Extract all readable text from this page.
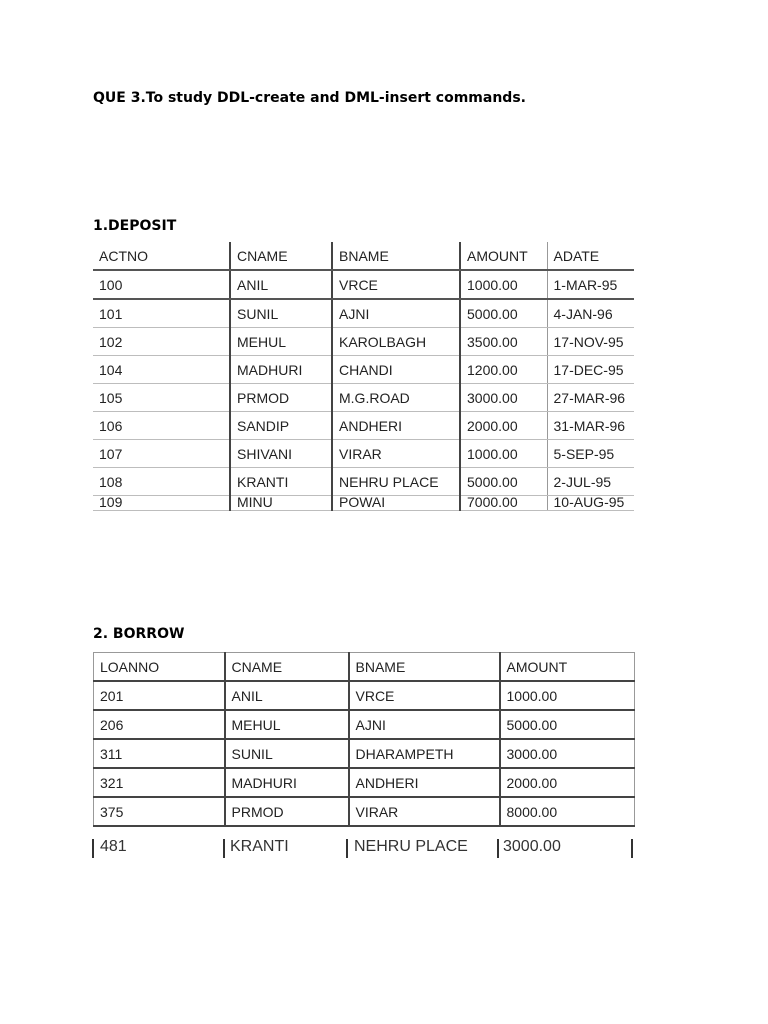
QUE 3.To study DDL-create and DML-insert commands.
1.DEPOSIT
ACTNO	CNAME	BNAME	AMOUNT	ADATE
100	ANIL	VRCE	1000.00	1-MAR-95
101	SUNIL	AJNI	5000.00	4-JAN-96
102	MEHUL	KAROLBAGH	3500.00	17-NOV-95
104	MADHURI	CHANDI	1200.00	17-DEC-95
105	PRMOD	M.G.ROAD	3000.00	27-MAR-96
106	SANDIP	ANDHERI	2000.00	31-MAR-96
107	SHIVANI	VIRAR	1000.00	5-SEP-95
108	KRANTI	NEHRU PLACE	5000.00	2-JUL-95
109	MINU	POWAI	7000.00	10-AUG-95
2. BORROW
LOANNO	CNAME	BNAME	AMOUNT
201	ANIL	VRCE	1000.00
206	MEHUL	AJNI	5000.00
311	SUNIL	DHARAMPETH	3000.00
321	MADHURI	ANDHERI	2000.00
375	PRMOD	VIRAR	8000.00
481	KRANTI	NEHRU PLACE 3000.00
